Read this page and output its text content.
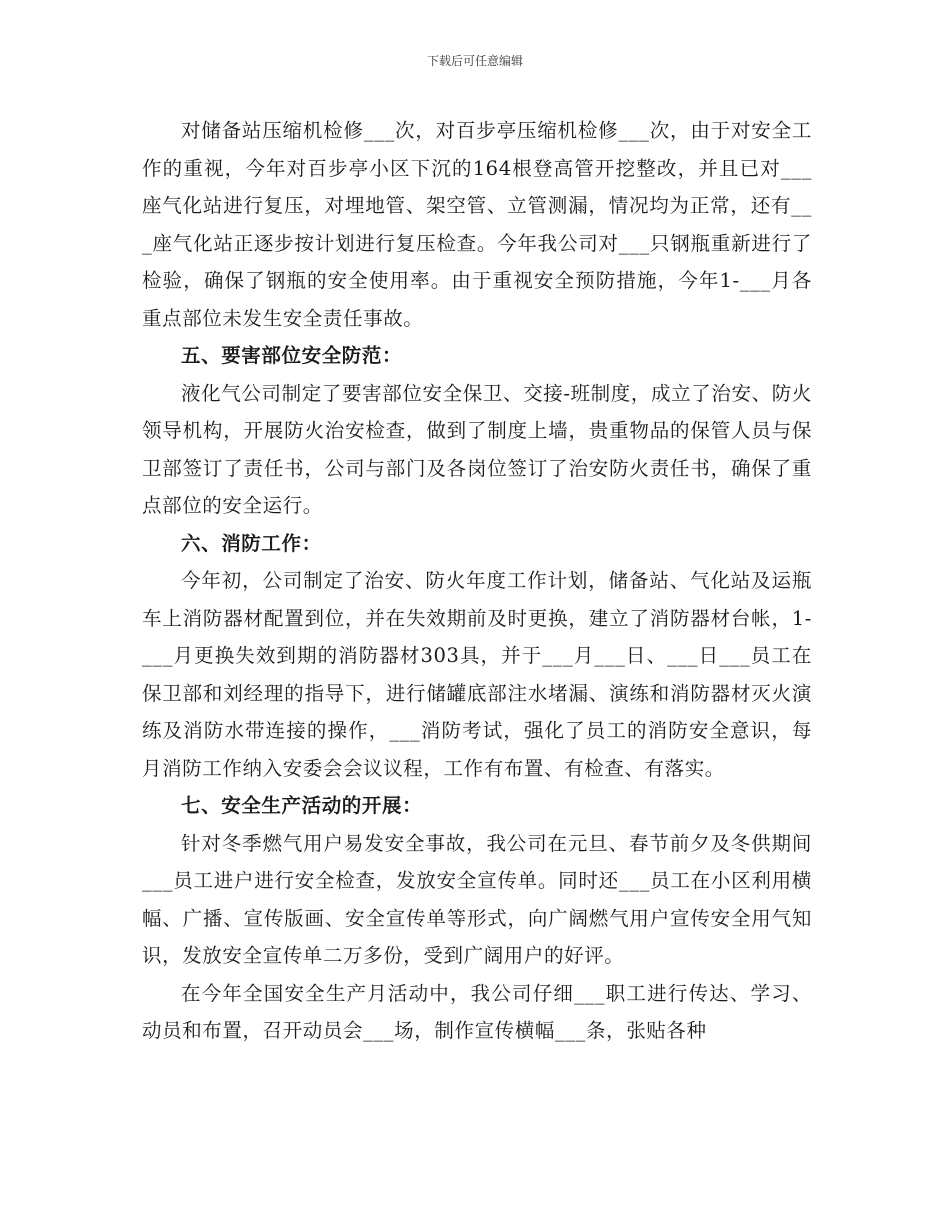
下载后可任意编辑

对储备站压缩机检修___次，对百步亭压缩机检修___次，由于对安全工作的重视，今年对百步亭小区下沉的164根登高管开挖整改，并且已对___座气化站进行复压，对埋地管、架空管、立管测漏，情况均为正常，还有___座气化站正逐步按计划进行复压检查。今年我公司对___只钢瓶重新进行了检验，确保了钢瓶的安全使用率。由于重视安全预防措施，今年1-___月各重点部位未发生安全责任事故。

五、要害部位安全防范：

液化气公司制定了要害部位安全保卫、交接-班制度，成立了治安、防火领导机构，开展防火治安检查，做到了制度上墙，贵重物品的保管人员与保卫部签订了责任书，公司与部门及各岗位签订了治安防火责任书，确保了重点部位的安全运行。

六、消防工作：

今年初，公司制定了治安、防火年度工作计划，储备站、气化站及运瓶车上消防器材配置到位，并在失效期前及时更换，建立了消防器材台帐，1-___月更换失效到期的消防器材303具，并于___月___日、___日___员工在保卫部和刘经理的指导下，进行储罐底部注水堵漏、演练和消防器材灭火演练及消防水带连接的操作，___消防考试，强化了员工的消防安全意识，每月消防工作纳入安委会会议议程，工作有布置、有检查、有落实。

七、安全生产活动的开展：

针对冬季燃气用户易发安全事故，我公司在元旦、春节前夕及冬供期间___员工进户进行安全检查，发放安全宣传单。同时还___员工在小区利用横幅、广播、宣传版画、安全宣传单等形式，向广阔燃气用户宣传安全用气知识，发放安全宣传单二万多份，受到广阔用户的好评。

在今年全国安全生产月活动中，我公司仔细___职工进行传达、学习、动员和布置，召开动员会___场，制作宣传横幅___条，张贴各种
